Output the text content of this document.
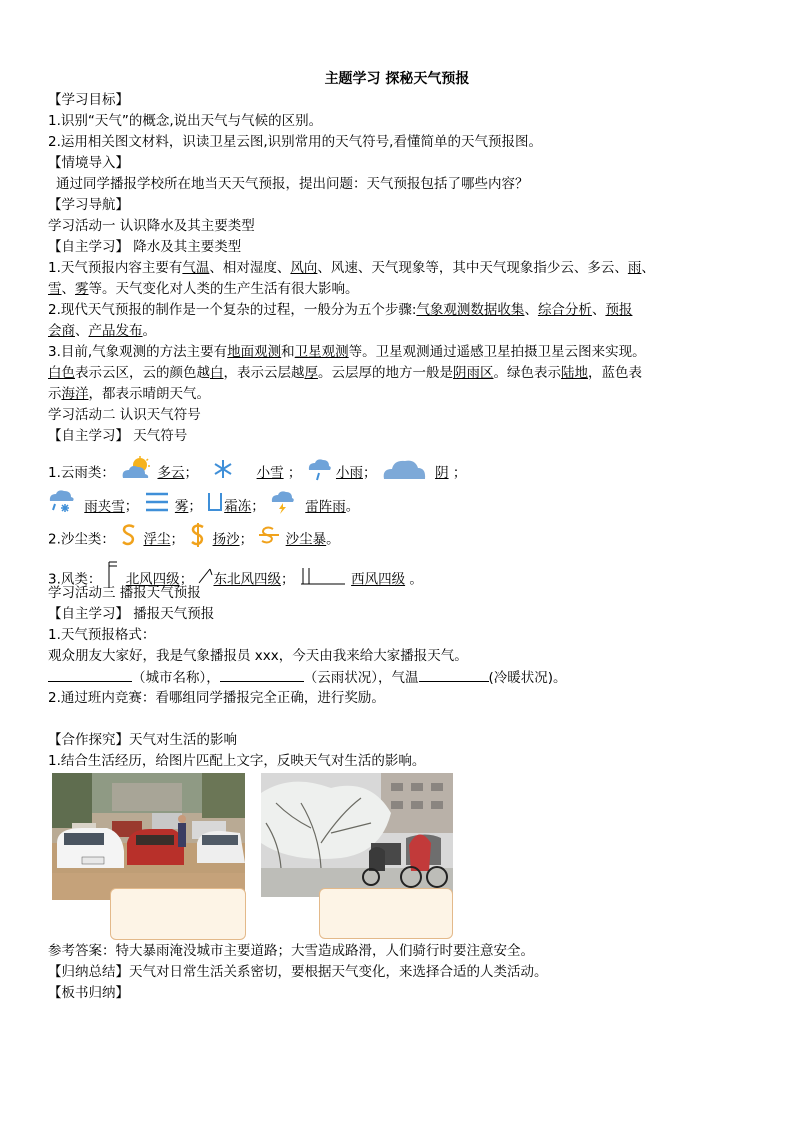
主题学习 探秘天气预报
【学习目标】
1.识别“天气”的概念,说出天气与气候的区别。
2.运用相关图文材料，识读卫星云图,识别常用的天气符号,看懂简单的天气预报图。
【情境导入】
通过同学播报学校所在地当天天气预报，提出问题：天气预报包括了哪些内容？
【学习导航】
学习活动一 认识降水及其主要类型
【自主学习】 降水及其主要类型
1.天气预报内容主要有气温、相对湿度、风向、风速、天气现象等，其中天气现象指少云、多云、雨、
雪、雾等。天气变化对人类的生产生活有很大影响。
2.现代天气预报的制作是一个复杂的过程，一般分为五个步骤:气象观测数据收集、综合分析、预报
会商、产品发布。
3.目前,气象观测的方法主要有地面观测和卫星观测等。卫星观测通过遥感卫星拍摄卫星云图来实现。
白色表示云区，云的颜色越白，表示云层越厚。云层厚的地方一般是阴雨区。绿色表示陆地，蓝色表
示海洋，都表示晴朗天气。
学习活动二 认识天气符号
【自主学习】 天气符号
1.云雨类：	多云；	小雪 ；  小雨；	阴 ；
雨夹雪；  雾； 霜冻；	雷阵雨。
2.沙尘类： 浮尘；  扬沙；  沙尘暴。
3.风类： 北风四级； 东北风四级；	西风四级 。
学习活动三 播报天气预报
【自主学习】 播报天气预报
1.天气预报格式：
观众朋友大家好，我是气象播报员 xxx，今天由我来给大家播报天气。
（城市名称），	（云雨状况），气温	(冷暖状况)。
2.通过班内竞赛：看哪组同学播报完全正确，进行奖励。
【合作探究】天气对生活的影响
1.结合生活经历，给图片匹配上文字，反映天气对生活的影响。
参考答案：特大暴雨淹没城市主要道路；大雪造成路滑，人们骑行时要注意安全。
【归纳总结】天气对日常生活关系密切，要根据天气变化，来选择合适的人类活动。
【板书归纳】
